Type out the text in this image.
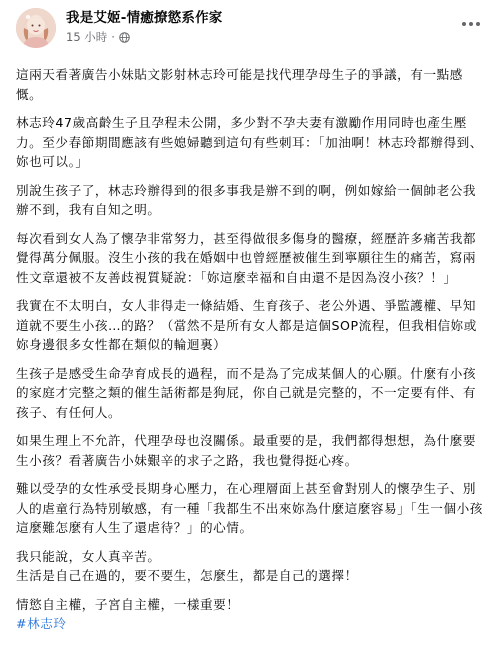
我是艾姬-情癒撩慾系作家
15 小時 ·

這兩天看著廣告小妹貼文影射林志玲可能是找代理孕母生子的爭議，有一點感慨。

林志玲47歲高齡生子且孕程未公開，多少對不孕夫妻有激勵作用同時也產生壓力。至少春節期間應該有些媳婦聽到這句有些刺耳：「加油啊！林志玲都辦得到、妳也可以。」

別說生孩子了，林志玲辦得到的很多事我是辦不到的啊，例如嫁給一個帥老公我辦不到，我有自知之明。

每次看到女人為了懷孕非常努力，甚至得做很多傷身的醫療，經歷許多痛苦我都覺得萬分佩服。沒生小孩的我在婚姻中也曾經歷被催生到寧願往生的痛苦，寫兩性文章還被不友善歧視質疑說：「妳這麼幸福和自由還不是因為沒小孩？！」

我實在不太明白，女人非得走一條結婚、生育孩子、老公外遇、爭監護權、早知道就不要生小孩…的路？（當然不是所有女人都是這個SOP流程，但我相信妳或妳身邊很多女性都在類似的輪迴裏）

生孩子是感受生命孕育成長的過程，而不是為了完成某個人的心願。什麼有小孩的家庭才完整之類的催生話術都是狗屁，你自己就是完整的，不一定要有伴、有孩子、有任何人。

如果生理上不允許，代理孕母也沒關係。最重要的是，我們都得想想，為什麼要生小孩？看著廣告小妹艱辛的求子之路，我也覺得挺心疼。

難以受孕的女性承受長期身心壓力，在心理層面上甚至會對別人的懷孕生子、別人的虐童行為特別敏感，有一種「我都生不出來妳為什麼這麼容易」「生一個小孩這麼難怎麼有人生了還虐待？」的心情。

我只能說，女人真辛苦。

生活是自己在過的，要不要生，怎麼生，都是自己的選擇！

情慾自主權，子宮自主權，一樣重要！

#林志玲
